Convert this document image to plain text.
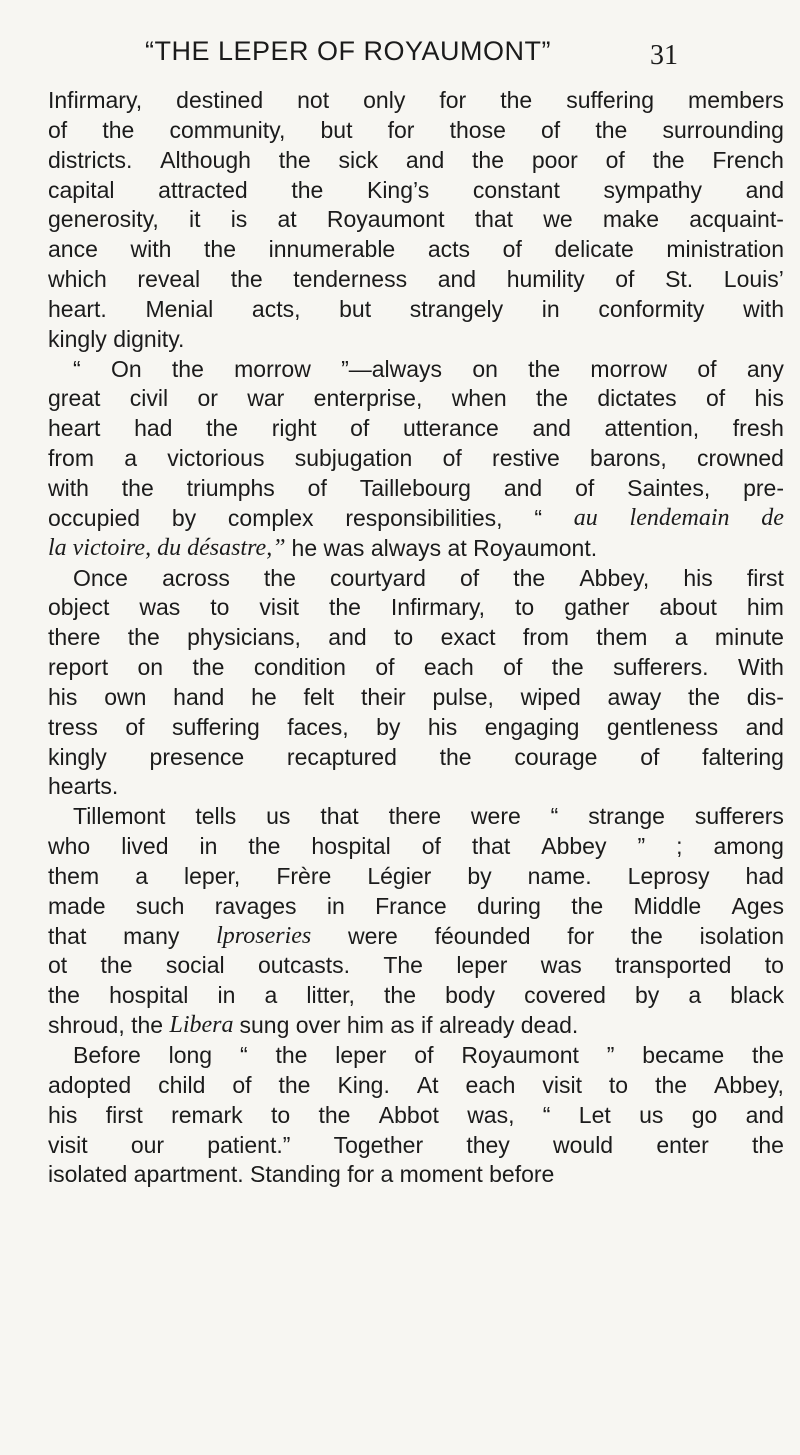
“THE LEPER OF ROYAUMONT”	31
Infirmary, destined not only for the suffering members
of the community, but for those of the surrounding
districts. Although the sick and the poor of the French
capital attracted the King’s constant sympathy and
generosity, it is at Royaumont that we make acquaint-
ance with the innumerable acts of delicate ministration
which reveal the tenderness and humility of St. Louis’
heart. Menial acts, but strangely in conformity with
kingly dignity.
“ On the morrow ”—always on the morrow of any
great civil or war enterprise, when the dictates of his
heart had the right of utterance and attention, fresh
from a victorious subjugation of restive barons, crowned
with the triumphs of Taillebourg and of Saintes, pre-
occupied by complex responsibilities, “ au lendemain de
la victoire, du désastre,” he was always at Royaumont.
Once across the courtyard of the Abbey, his first
object was to visit the Infirmary, to gather about him
there the physicians, and to exact from them a minute
report on the condition of each of the sufferers. With
his own hand he felt their pulse, wiped away the dis-
tress of suffering faces, by his engaging gentleness and
kingly presence recaptured the courage of faltering
hearts.
Tillemont tells us that there were “ strange sufferers
who lived in the hospital of that Abbey ” ; among
them a leper, Frère Légier by name. Leprosy had
made such ravages in France during the Middle Ages
that many lproseries were féounded for the isolation
ot the social outcasts. The leper was transported to
the hospital in a litter, the body covered by a black
shroud, the Libera sung over him as if already dead.
Before long “ the leper of Royaumont ” became the
adopted child of the King. At each visit to the Abbey,
his first remark to the Abbot was, “ Let us go and
visit our patient.” Together they would enter the
isolated apartment. Standing for a moment before
